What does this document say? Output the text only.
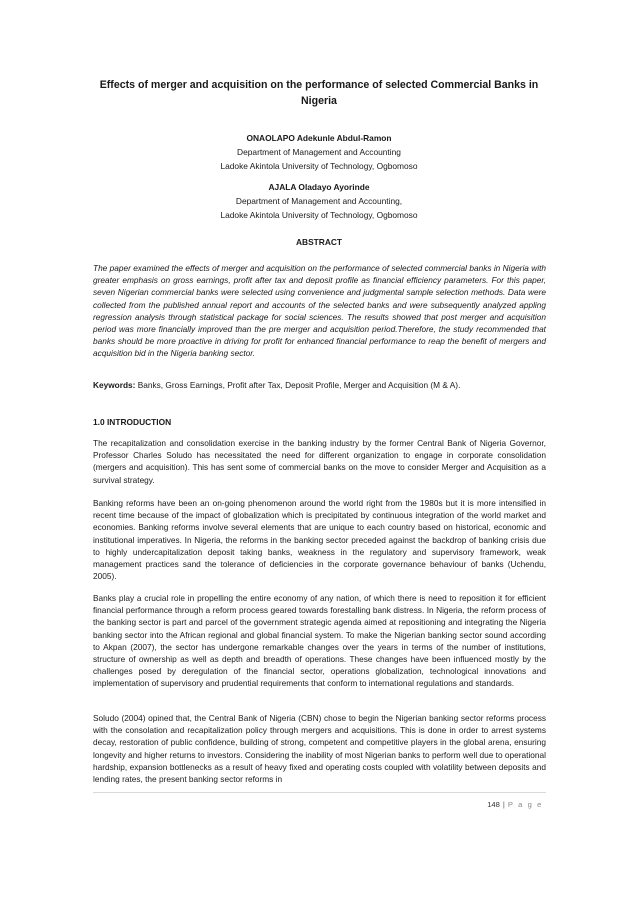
Effects of merger and acquisition on the performance of selected Commercial Banks in Nigeria
ONAOLAPO Adekunle Abdul-Ramon
Department of Management and Accounting
Ladoke Akintola University of Technology, Ogbomoso
AJALA Oladayo Ayorinde
Department of Management and Accounting,
Ladoke Akintola University of Technology, Ogbomoso
ABSTRACT

The paper examined the effects of merger and acquisition on the performance of selected commercial banks in Nigeria with greater emphasis on gross earnings, profit after tax and deposit profile as financial efficiency parameters. For this paper, seven Nigerian commercial banks were selected using convenience and judgmental sample selection methods. Data were collected from the published annual report and accounts of the selected banks and were subsequently analyzed appling regression analysis through statistical package for social sciences. The results showed that post merger and acquisition period was more financially improved than the pre merger and acquisition period.Therefore, the study recommended that banks should be more proactive in driving for profit for enhanced financial performance to reap the benefit of mergers and acquisition bid in the Nigeria banking sector.

Keywords: Banks, Gross Earnings, Profit after Tax, Deposit Profile, Merger and Acquisition (M & A).

1.0 INTRODUCTION

The recapitalization and consolidation exercise in the banking industry by the former Central Bank of Nigeria Governor, Professor Charles Soludo has necessitated the need for different organization to engage in corporate consolidation (mergers and acquisition). This has sent some of commercial banks on the move to consider Merger and Acquisition as a survival strategy.

Banking reforms have been an on-going phenomenon around the world right from the 1980s but it is more intensified in recent time because of the impact of globalization which is precipitated by continuous integration of the world market and economies. Banking reforms involve several elements that are unique to each country based on historical, economic and institutional imperatives. In Nigeria, the reforms in the banking sector preceded against the backdrop of banking crisis due to highly undercapitalization deposit taking banks, weakness in the regulatory and supervisory framework, weak management practices sand the tolerance of deficiencies in the corporate governance behaviour of banks (Uchendu, 2005).

Banks play a crucial role in propelling the entire economy of any nation, of which there is need to reposition it for efficient financial performance through a reform process geared towards forestalling bank distress. In Nigeria, the reform process of the banking sector is part and parcel of the government strategic agenda aimed at repositioning and integrating the Nigeria banking sector into the African regional and global financial system. To make the Nigerian banking sector sound according to Akpan (2007), the sector has undergone remarkable changes over the years in terms of the number of institutions, structure of ownership as well as depth and breadth of operations. These changes have been influenced mostly by the challenges posed by deregulation of the financial sector, operations globalization, technological innovations and implementation of supervisory and prudential requirements that conform to international regulations and standards.

Soludo (2004) opined that, the Central Bank of Nigeria (CBN) chose to begin the Nigerian banking sector reforms process with the consolation and recapitalization policy through mergers and acquisitions. This is done in order to arrest systems decay, restoration of public confidence, building of strong, competent and competitive players in the global arena, ensuring longevity and higher returns to investors. Considering the inability of most Nigerian banks to perform well due to operational hardship, expansion bottlenecks as a result of heavy fixed and operating costs coupled with volatility between deposits and lending rates, the present banking sector reforms in

148 | P a g e
